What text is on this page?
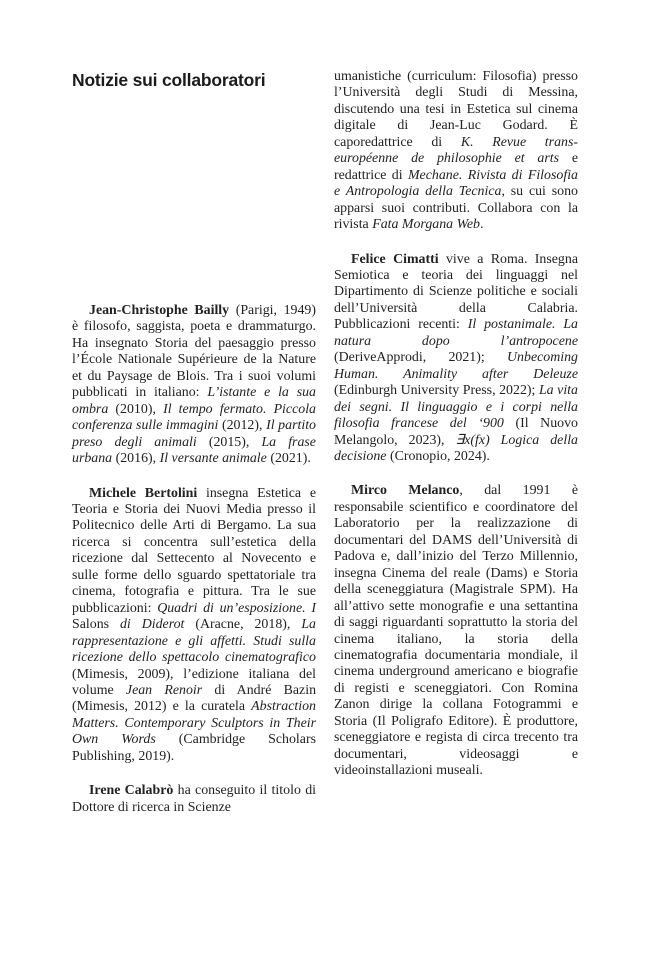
Notizie sui collaboratori

Jean-Christophe Bailly (Parigi, 1949) è filosofo, saggista, poeta e drammaturgo. Ha insegnato Storia del paesaggio presso l’École Nationale Supérieure de la Nature et du Paysage de Blois. Tra i suoi volumi pubblicati in italiano: L’istante e la sua ombra (2010), Il tempo fermato. Piccola conferenza sulle immagini (2012), Il partito preso degli animali (2015), La frase urbana (2016), Il versante animale (2021).

Michele Bertolini insegna Estetica e Teoria e Storia dei Nuovi Media presso il Politecnico delle Arti di Bergamo. La sua ricerca si concentra sull’estetica della ricezione dal Settecento al Novecento e sulle forme dello sguardo spettatoriale tra cinema, fotografia e pittura. Tra le sue pubblicazioni: Quadri di un’esposizione. I Salons di Diderot (Aracne, 2018), La rappresentazione e gli affetti. Studi sulla ricezione dello spettacolo cinematografico (Mimesis, 2009), l’edizione italiana del volume Jean Renoir di André Bazin (Mimesis, 2012) e la curatela Abstraction Matters. Contemporary Sculptors in Their Own Words (Cambridge Scholars Publishing, 2019).

Irene Calabrò ha conseguito il titolo di Dottore di ricerca in Scienze

umanistiche (curriculum: Filosofia) presso l’Università degli Studi di Messina, discutendo una tesi in Estetica sul cinema digitale di Jean-Luc Godard. È caporedattrice di K. Revue trans-européenne de philosophie et arts e redattrice di Mechane. Rivista di Filosofia e Antropologia della Tecnica, su cui sono apparsi suoi contributi. Collabora con la rivista Fata Morgana Web.

Felice Cimatti vive a Roma. Insegna Semiotica e teoria dei linguaggi nel Dipartimento di Scienze politiche e sociali dell’Università della Calabria. Pubblicazioni recenti: Il postanimale. La natura dopo l’antropocene (DeriveApprodi, 2021); Unbecoming Human. Animality after Deleuze (Edinburgh University Press, 2022); La vita dei segni. Il linguaggio e i corpi nella filosofia francese del ‘900 (Il Nuovo Melangolo, 2023), ∃x(fx) Logica della decisione (Cronopio, 2024).

Mirco Melanco, dal 1991 è responsabile scientifico e coordinatore del Laboratorio per la realizzazione di documentari del DAMS dell’Università di Padova e, dall’inizio del Terzo Millennio, insegna Cinema del reale (Dams) e Storia della sceneggiatura (Magistrale SPM). Ha all’attivo sette monografie e una settantina di saggi riguardanti soprattutto la storia del cinema italiano, la storia della cinematografia documentaria mondiale, il cinema underground americano e biografie di registi e sceneggiatori. Con Romina Zanon dirige la collana Fotogrammi e Storia (Il Poligrafo Editore). È produttore, sceneggiatore e regista di circa trecento tra documentari, videosaggi e videoinstallazioni museali.
